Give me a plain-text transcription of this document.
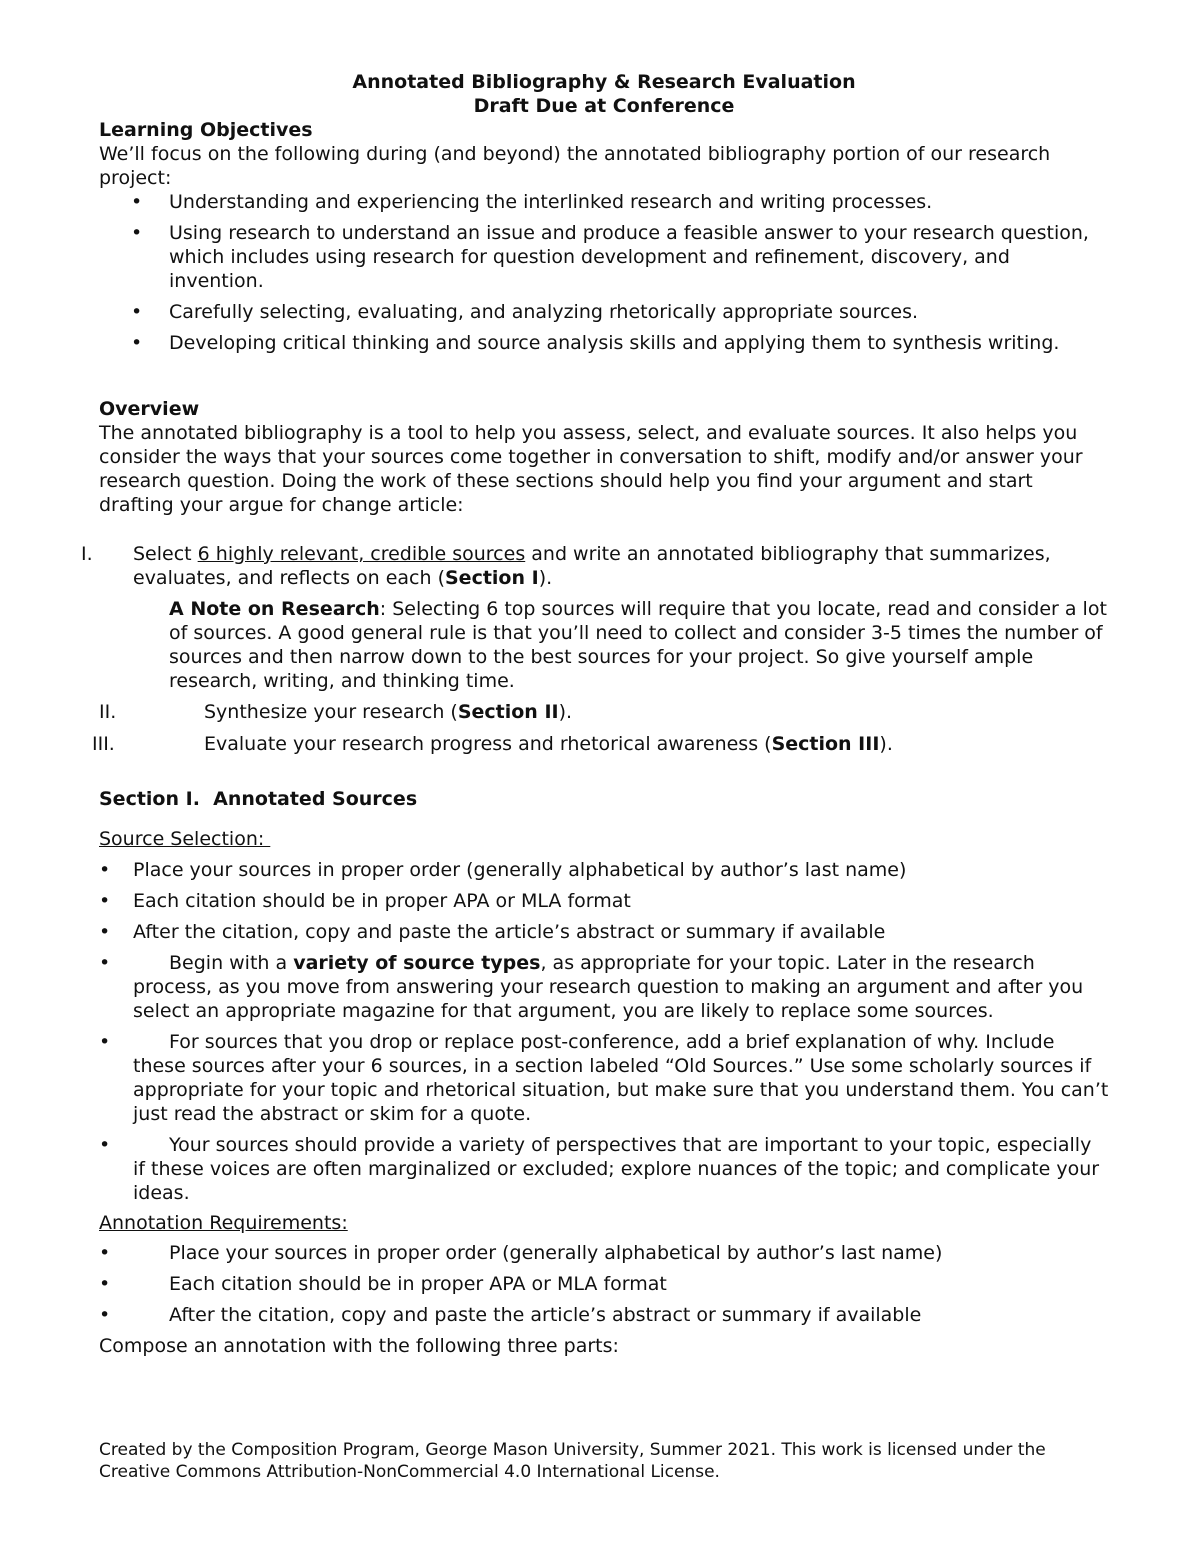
Annotated Bibliography & Research Evaluation
Draft Due at Conference
Learning Objectives

We’ll focus on the following during (and beyond) the annotated bibliography portion of our research project:

• Understanding and experiencing the interlinked research and writing processes.
• Using research to understand an issue and produce a feasible answer to your research question, which includes using research for question development and refinement, discovery, and invention.
• Carefully selecting, evaluating, and analyzing rhetorically appropriate sources.
• Developing critical thinking and source analysis skills and applying them to synthesis writing.
Overview

The annotated bibliography is a tool to help you assess, select, and evaluate sources. It also helps you consider the ways that your sources come together in conversation to shift, modify and/or answer your research question. Doing the work of these sections should help you find your argument and start drafting your argue for change article:

I.	Select 6 highly relevant, credible sources and write an annotated bibliography that summarizes, evaluates, and reflects on each (Section I).
A Note on Research: Selecting 6 top sources will require that you locate, read and consider a lot of sources. A good general rule is that you’ll need to collect and consider 3-5 times the number of sources and then narrow down to the best sources for your project. So give yourself ample research, writing, and thinking time.
II.	Synthesize your research (Section II).
III.	Evaluate your research progress and rhetorical awareness (Section III).
Section I.  Annotated Sources
Source Selection:
• Place your sources in proper order (generally alphabetical by author’s last name)
• Each citation should be in proper APA or MLA format
• After the citation, copy and paste the article’s abstract or summary if available
•	Begin with a variety of source types, as appropriate for your topic. Later in the research process, as you move from answering your research question to making an argument and after you select an appropriate magazine for that argument, you are likely to replace some sources.
•	For sources that you drop or replace post-conference, add a brief explanation of why. Include these sources after your 6 sources, in a section labeled “Old Sources.” Use some scholarly sources if appropriate for your topic and rhetorical situation, but make sure that you understand them. You can’t just read the abstract or skim for a quote.
•	Your sources should provide a variety of perspectives that are important to your topic, especially if these voices are often marginalized or excluded; explore nuances of the topic; and complicate your ideas.
Annotation Requirements:
•	Place your sources in proper order (generally alphabetical by author’s last name)
•	Each citation should be in proper APA or MLA format
•	After the citation, copy and paste the article’s abstract or summary if available

Compose an annotation with the following three parts:

Created by the Composition Program, George Mason University, Summer 2021. This work is licensed under the Creative Commons Attribution-NonCommercial 4.0 International License.
